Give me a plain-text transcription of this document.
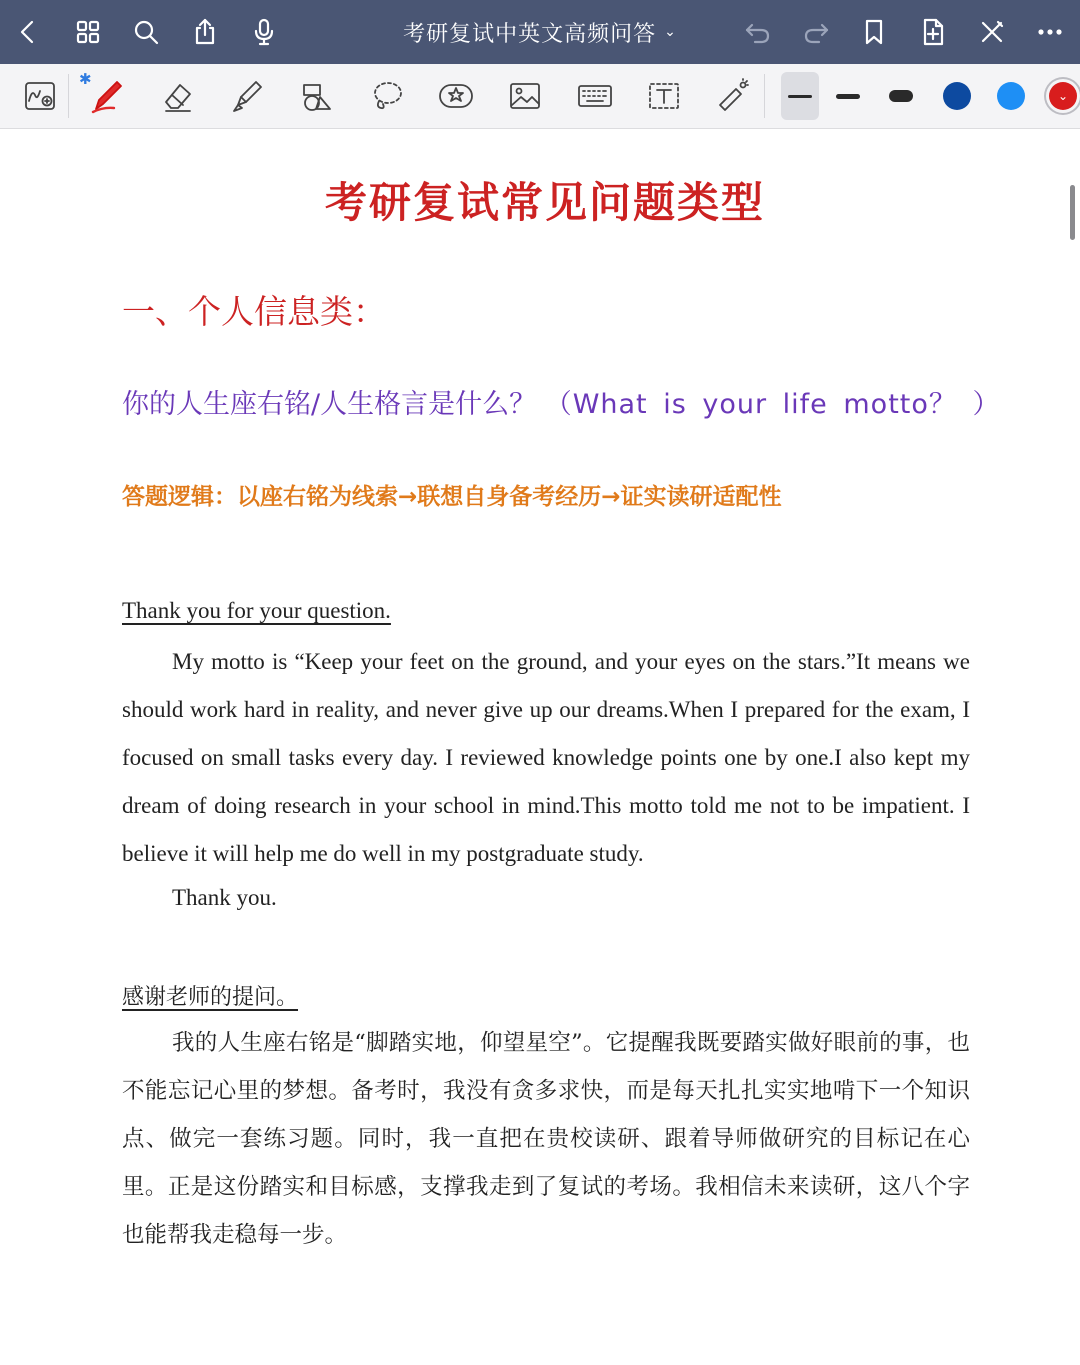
考研复试中英文高频问答 ⌄
✱
⌄
考研复试常见问题类型
一、个人信息类：
你的人生座右铭/人生格言是什么？ （What is your life motto？ ）
答题逻辑：以座右铭为线索→联想自身备考经历→证实读研适配性
Thank you for your question.
My motto is “Keep your feet on the ground, and your eyes on the stars.”It means we should work hard in reality, and never give up our dreams.When I prepared for the exam, I focused on small tasks every day. I reviewed knowledge points one by one.I also kept my dream of doing research in your school in mind.This motto told me not to be impatient. I believe it will help me do well in my postgraduate study.
Thank you.
感谢老师的提问。
我的人生座右铭是“脚踏实地，仰望星空”。它提醒我既要踏实做好眼前的事，也不能忘记心里的梦想。备考时，我没有贪多求快，而是每天扎扎实实地啃下一个知识点、做完一套练习题。同时，我一直把在贵校读研、跟着导师做研究的目标记在心里。正是这份踏实和目标感，支撑我走到了复试的考场。我相信未来读研，这八个字也能帮我走稳每一步。
